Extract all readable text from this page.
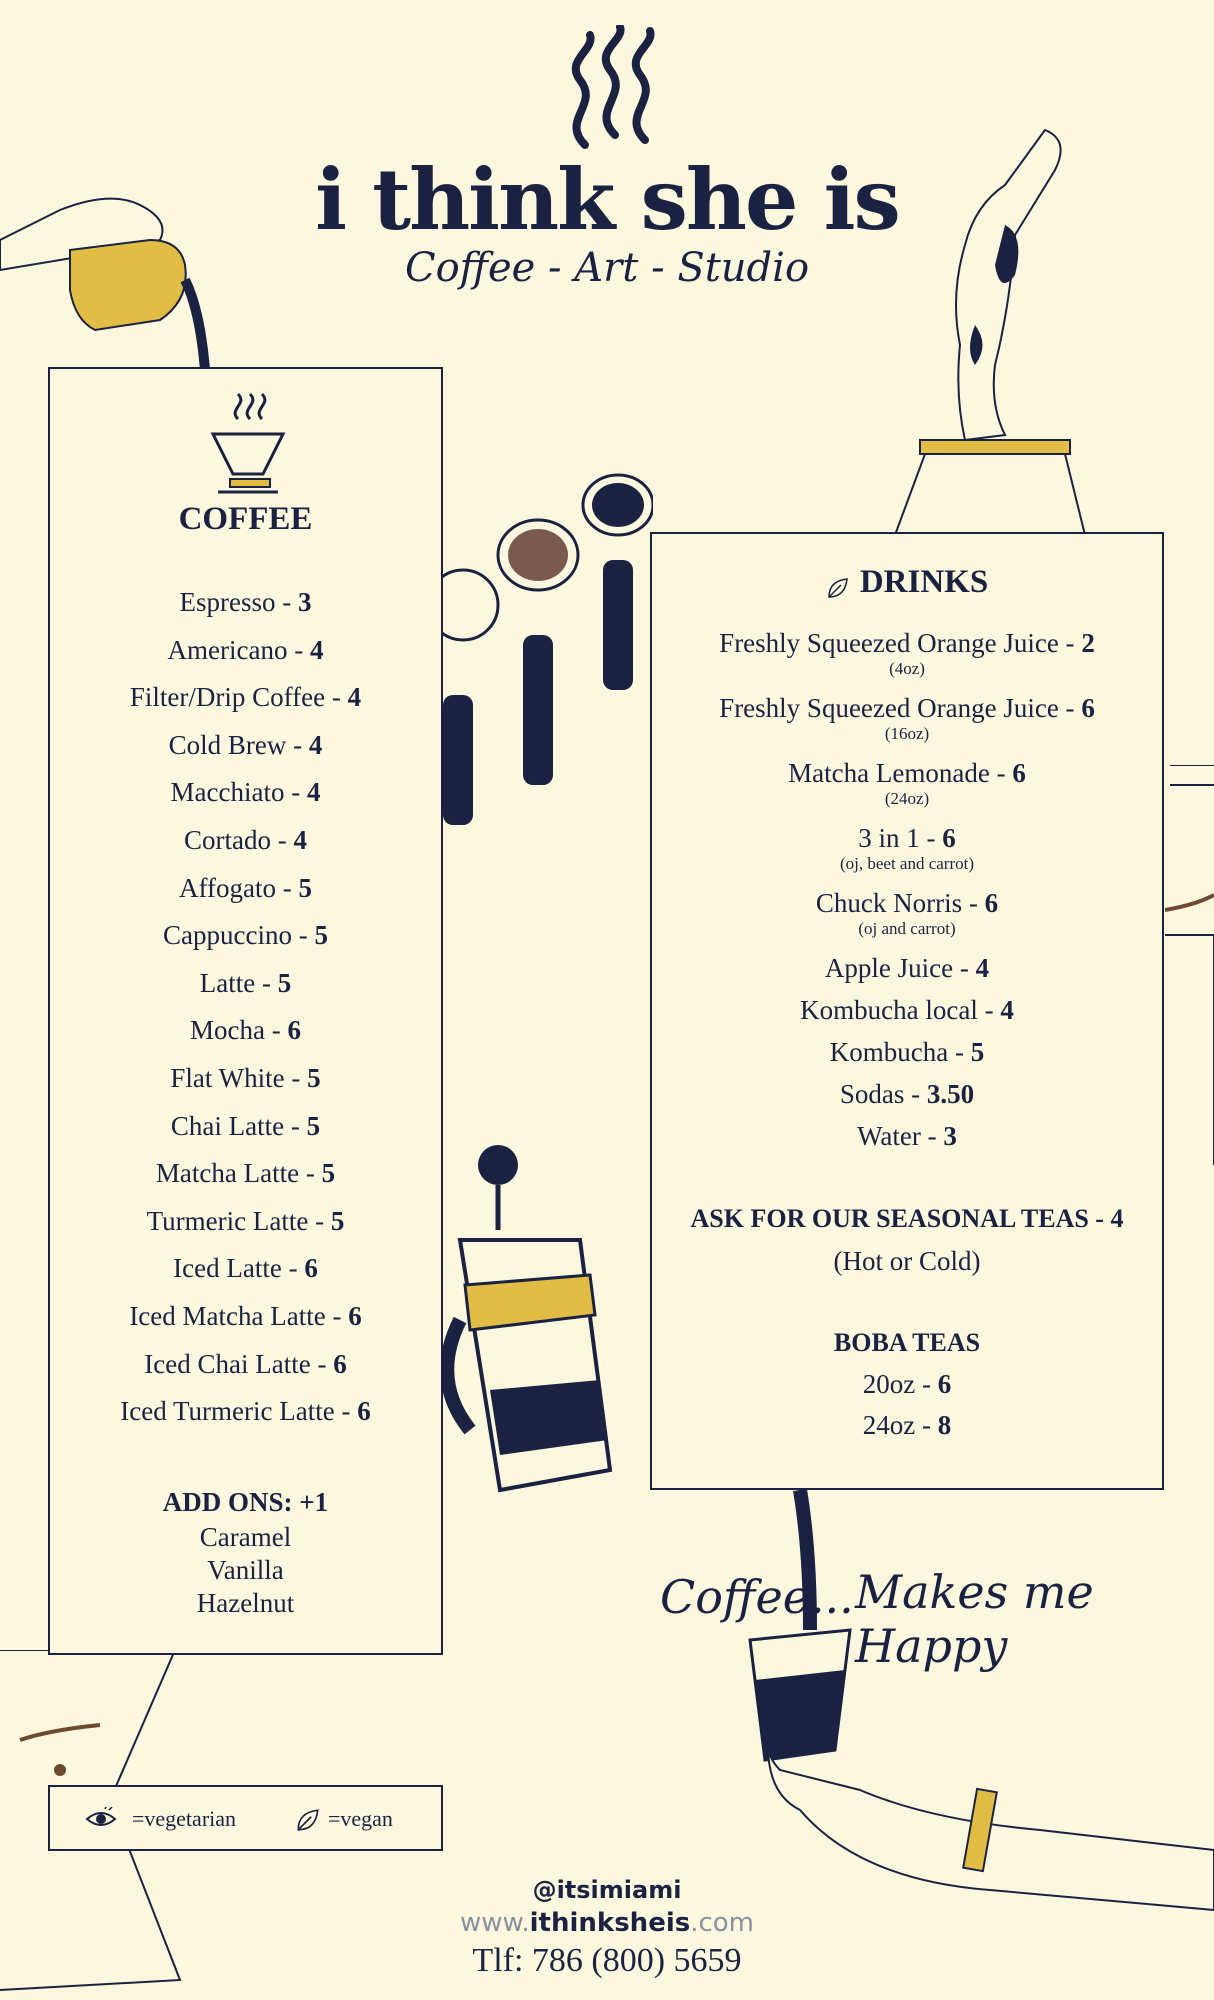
i think she is
Coffee - Art - Studio
Coffee... Makes me Happy
COFFEE
Espresso - 3
Americano - 4
Filter/Drip Coffee - 4
Cold Brew - 4
Macchiato - 4
Cortado - 4
Affogato - 5
Cappuccino - 5
Latte - 5
Mocha - 6
Flat White - 5
Chai Latte - 5
Matcha Latte - 5
Turmeric Latte - 5
Iced Latte - 6
Iced Matcha Latte - 6
Iced Chai Latte - 6
Iced Turmeric Latte - 6
ADD ONS: +1
Caramel
Vanilla
Hazelnut
DRINKS
Freshly Squeezed Orange Juice - 2
(4oz)
Freshly Squeezed Orange Juice - 6
(16oz)
Matcha Lemonade - 6
(24oz)
3 in 1 - 6
(oj, beet and carrot)
Chuck Norris - 6
(oj and carrot)
Apple Juice - 4
Kombucha local - 4
Kombucha - 5
Sodas - 3.50
Water - 3
ASK FOR OUR SEASONAL TEAS - 4
(Hot or Cold)
BOBA TEAS
20oz - 6
24oz - 8
=vegetarian	=vegan
@itsimiami
www.ithinksheis.com
Tlf: 786 (800) 5659
